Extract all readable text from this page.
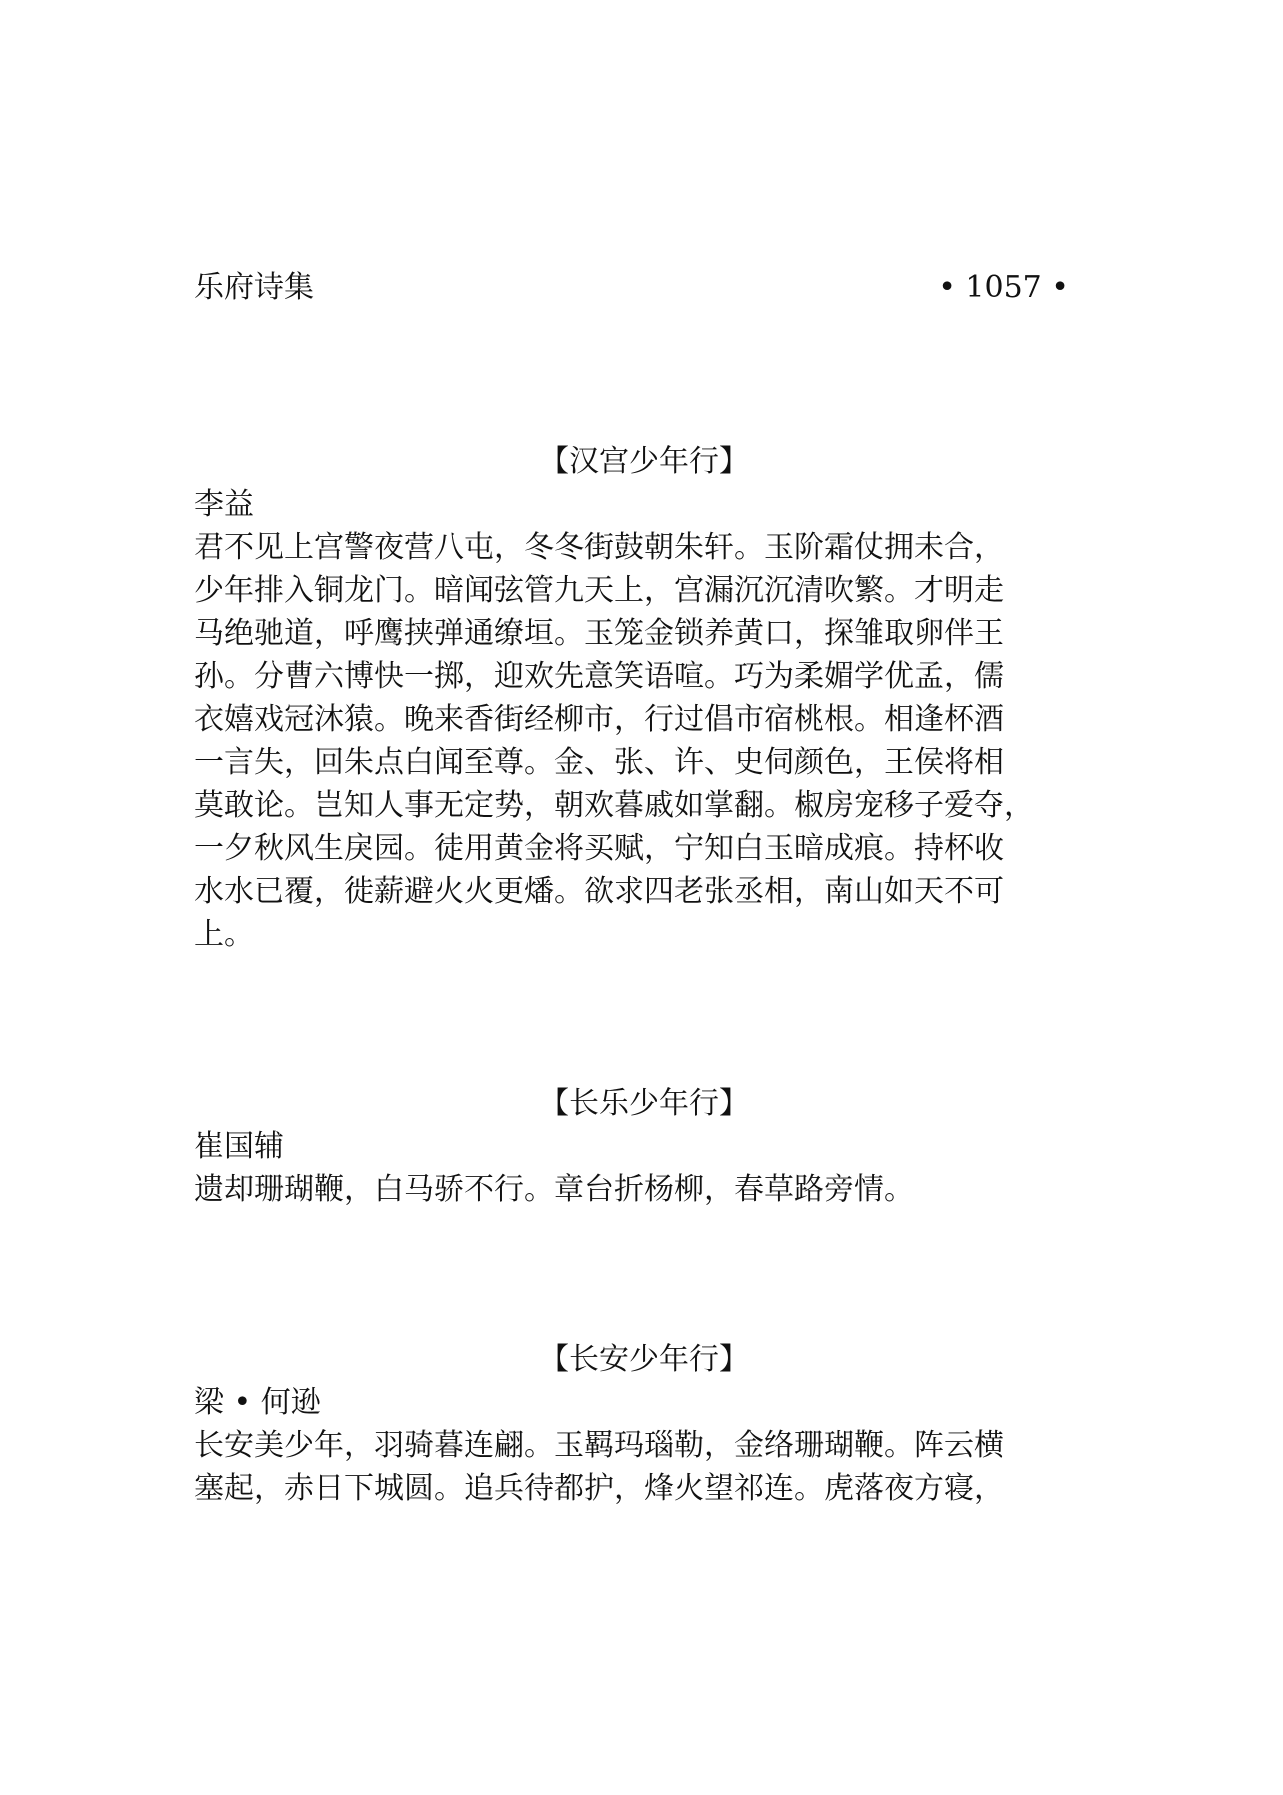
乐府诗集	• 1057 •
【汉宫少年行】
李益
君不见上宫警夜营八屯，冬冬街鼓朝朱轩。玉阶霜仗拥未合，
少年排入铜龙门。暗闻弦管九天上，宫漏沉沉清吹繁。才明走
马绝驰道，呼鹰挟弹通缭垣。玉笼金锁养黄口，探雏取卵伴王
孙。分曹六博快一掷，迎欢先意笑语喧。巧为柔媚学优孟，儒
衣嬉戏冠沐猿。晚来香街经柳市，行过倡市宿桃根。相逢杯酒
一言失，回朱点白闻至尊。金、张、许、史伺颜色，王侯将相
莫敢论。岂知人事无定势，朝欢暮戚如掌翻。椒房宠移子爱夺，
一夕秋风生戾园。徒用黄金将买赋，宁知白玉暗成痕。持杯收
水水已覆，徙薪避火火更燔。欲求四老张丞相，南山如天不可
上。
【长乐少年行】
崔国辅
遗却珊瑚鞭，白马骄不行。章台折杨柳，春草路旁情。
【长安少年行】
梁 • 何逊
长安美少年，羽骑暮连翩。玉羁玛瑙勒，金络珊瑚鞭。阵云横
塞起，赤日下城圆。追兵待都护，烽火望祁连。虎落夜方寝，
